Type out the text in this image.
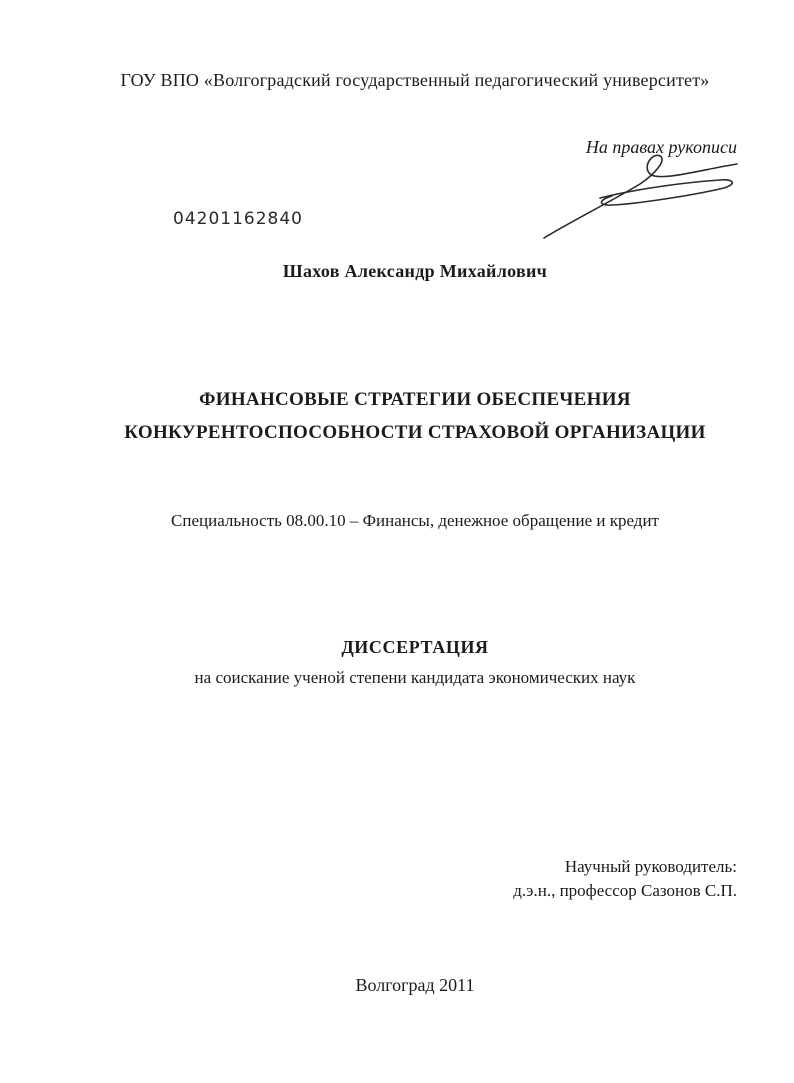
ГОУ ВПО «Волгоградский государственный педагогический университет»
На правах рукописи
04201162840
Шахов Александр Михайлович
ФИНАНСОВЫЕ СТРАТЕГИИ ОБЕСПЕЧЕНИЯ
КОНКУРЕНТОСПОСОБНОСТИ СТРАХОВОЙ ОРГАНИЗАЦИИ
Специальность 08.00.10 – Финансы, денежное обращение и кредит
ДИССЕРТАЦИЯ
на соискание ученой степени кандидата экономических наук
Научный руководитель:
д.э.н., профессор Сазонов С.П.
Волгоград 2011
